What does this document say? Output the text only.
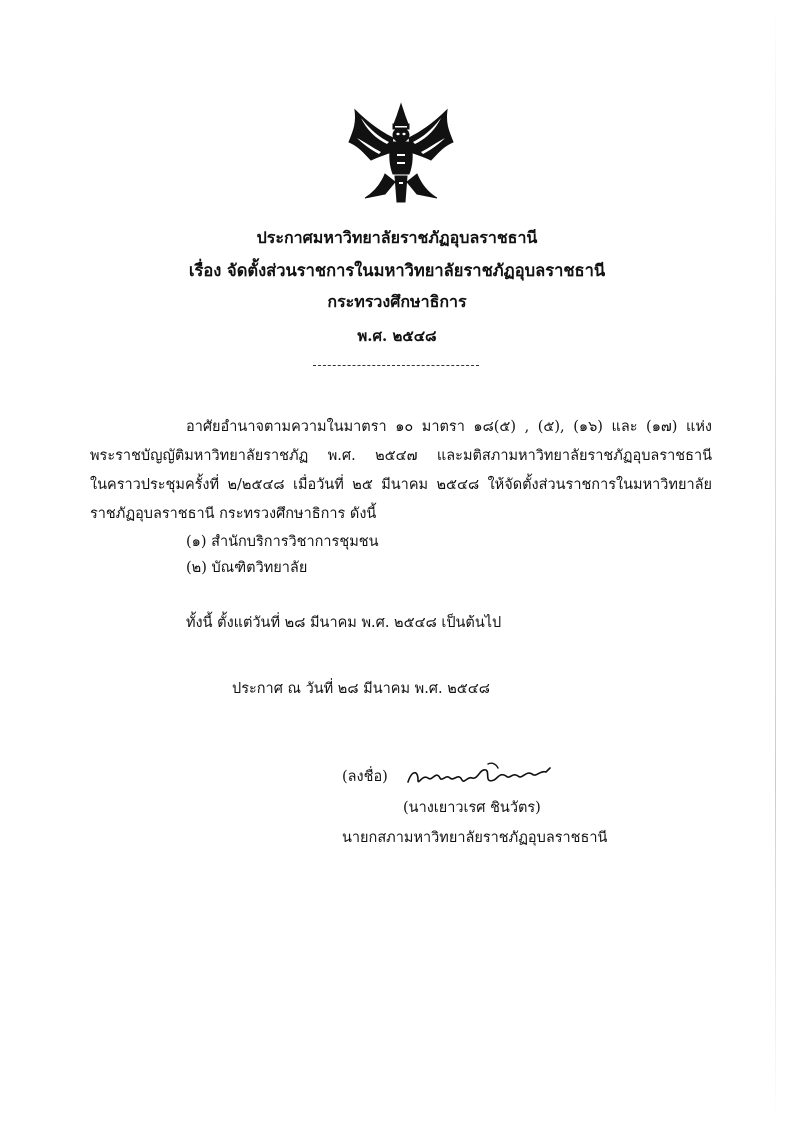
ประกาศมหาวิทยาลัยราชภัฏอุบลราชธานี
เรื่อง จัดตั้งส่วนราชการในมหาวิทยาลัยราชภัฏอุบลราชธานี
กระทรวงศึกษาธิการ
พ.ศ. ๒๕๔๘
อาศัยอำนาจตามความในมาตรา ๑๐ มาตรา ๑๘(๕) , (๕), (๑๖) และ (๑๗) แห่ง
พระราชบัญญัติมหาวิทยาลัยราชภัฏ พ.ศ. ๒๕๔๗ และมติสภามหาวิทยาลัยราชภัฏอุบลราชธานี
ในคราวประชุมครั้งที่ ๒/๒๕๔๘ เมื่อวันที่ ๒๕ มีนาคม ๒๕๔๘ ให้จัดตั้งส่วนราชการในมหาวิทยาลัย
ราชภัฏอุบลราชธานี กระทรวงศึกษาธิการ ดังนี้
(๑) สำนักบริการวิชาการชุมชน
(๒) บัณฑิตวิทยาลัย
ทั้งนี้ ตั้งแต่วันที่ ๒๘ มีนาคม พ.ศ. ๒๕๔๘ เป็นต้นไป
ประกาศ ณ วันที่ ๒๘ มีนาคม พ.ศ. ๒๕๔๘
(ลงชื่อ)
(นางเยาวเรศ ชินวัตร)
นายกสภามหาวิทยาลัยราชภัฏอุบลราชธานี
